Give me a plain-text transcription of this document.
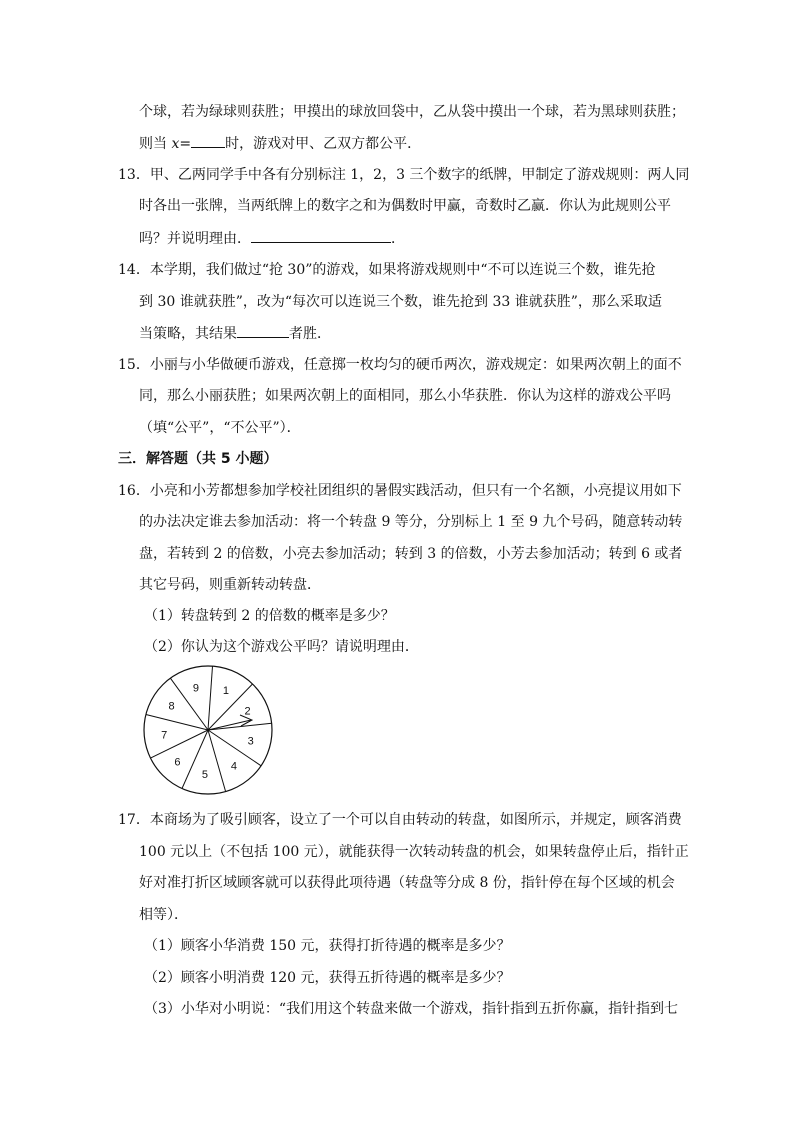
个球，若为绿球则获胜；甲摸出的球放回袋中，乙从袋中摸出一个球，若为黑球则获胜；
则当 x= 时，游戏对甲、乙双方都公平．
13．甲、乙两同学手中各有分别标注 1，2，3 三个数字的纸牌，甲制定了游戏规则：两人同
时各出一张牌，当两纸牌上的数字之和为偶数时甲赢，奇数时乙赢．你认为此规则公平
吗？并说明理由．	．
14．本学期，我们做过“抢 30”的游戏，如果将游戏规则中“不可以连说三个数，谁先抢
到 30 谁就获胜”，改为“每次可以连说三个数，谁先抢到 33 谁就获胜”，那么采取适
当策略，其结果	者胜．
15．小丽与小华做硬币游戏，任意掷一枚均匀的硬币两次，游戏规定：如果两次朝上的面不
同，那么小丽获胜；如果两次朝上的面相同，那么小华获胜．你认为这样的游戏公平吗
（填“公平”，“不公平”）．
三．解答题（共 5 小题）
16．小亮和小芳都想参加学校社团组织的暑假实践活动，但只有一个名额，小亮提议用如下
的办法决定谁去参加活动：将一个转盘 9 等分，分别标上 1 至 9 九个号码，随意转动转
盘，若转到 2 的倍数，小亮去参加活动；转到 3 的倍数，小芳去参加活动；转到 6 或者
其它号码，则重新转动转盘．
（1）转盘转到 2 的倍数的概率是多少？
（2）你认为这个游戏公平吗？请说明理由．
1
2
3
4
5
6
7
8
9
17．本商场为了吸引顾客，设立了一个可以自由转动的转盘，如图所示，并规定，顾客消费
100 元以上（不包括 100 元），就能获得一次转动转盘的机会，如果转盘停止后，指针正
好对准打折区域顾客就可以获得此项待遇（转盘等分成 8 份，指针停在每个区域的机会
相等）．
（1）顾客小华消费 150 元，获得打折待遇的概率是多少？
（2）顾客小明消费 120 元，获得五折待遇的概率是多少？
（3）小华对小明说：“我们用这个转盘来做一个游戏，指针指到五折你赢，指针指到七
